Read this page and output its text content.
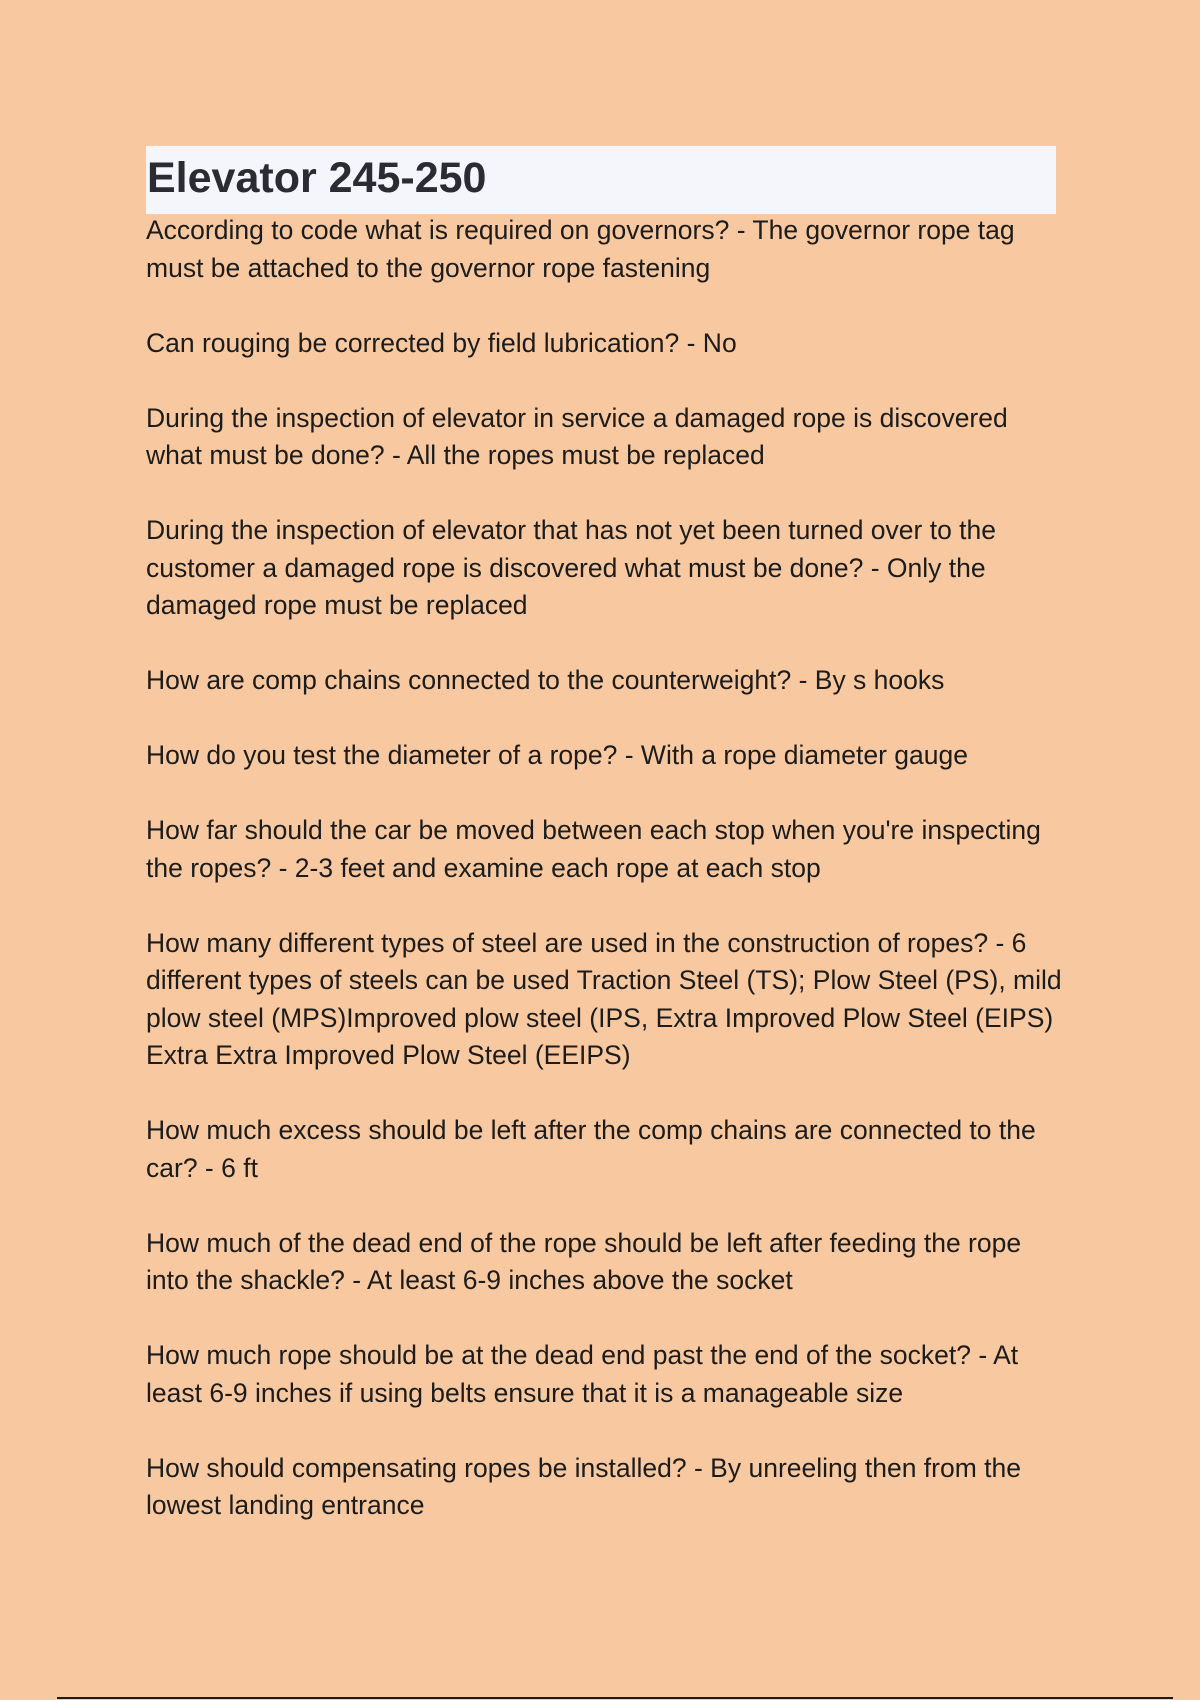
Elevator 245-250

According to code what is required on governors? - The governor rope tag must be attached to the governor rope fastening

Can rouging be corrected by field lubrication? - No

During the inspection of elevator in service a damaged rope is discovered what must be done? - All the ropes must be replaced

During the inspection of elevator that has not yet been turned over to the customer a damaged rope is discovered what must be done? - Only the damaged rope must be replaced

How are comp chains connected to the counterweight? - By s hooks

How do you test the diameter of a rope? - With a rope diameter gauge

How far should the car be moved between each stop when you're inspecting the ropes? - 2-3 feet and examine each rope at each stop

How many different types of steel are used in the construction of ropes? - 6 different types of steels can be used Traction Steel (TS); Plow Steel (PS), mild plow steel (MPS)Improved plow steel (IPS, Extra Improved Plow Steel (EIPS) Extra Extra Improved Plow Steel (EEIPS)

How much excess should be left after the comp chains are connected to the car? - 6 ft

How much of the dead end of the rope should be left after feeding the rope into the shackle? - At least 6-9 inches above the socket

How much rope should be at the dead end past the end of the socket? - At least 6-9 inches if using belts ensure that it is a manageable size

How should compensating ropes be installed? - By unreeling then from the lowest landing entrance
